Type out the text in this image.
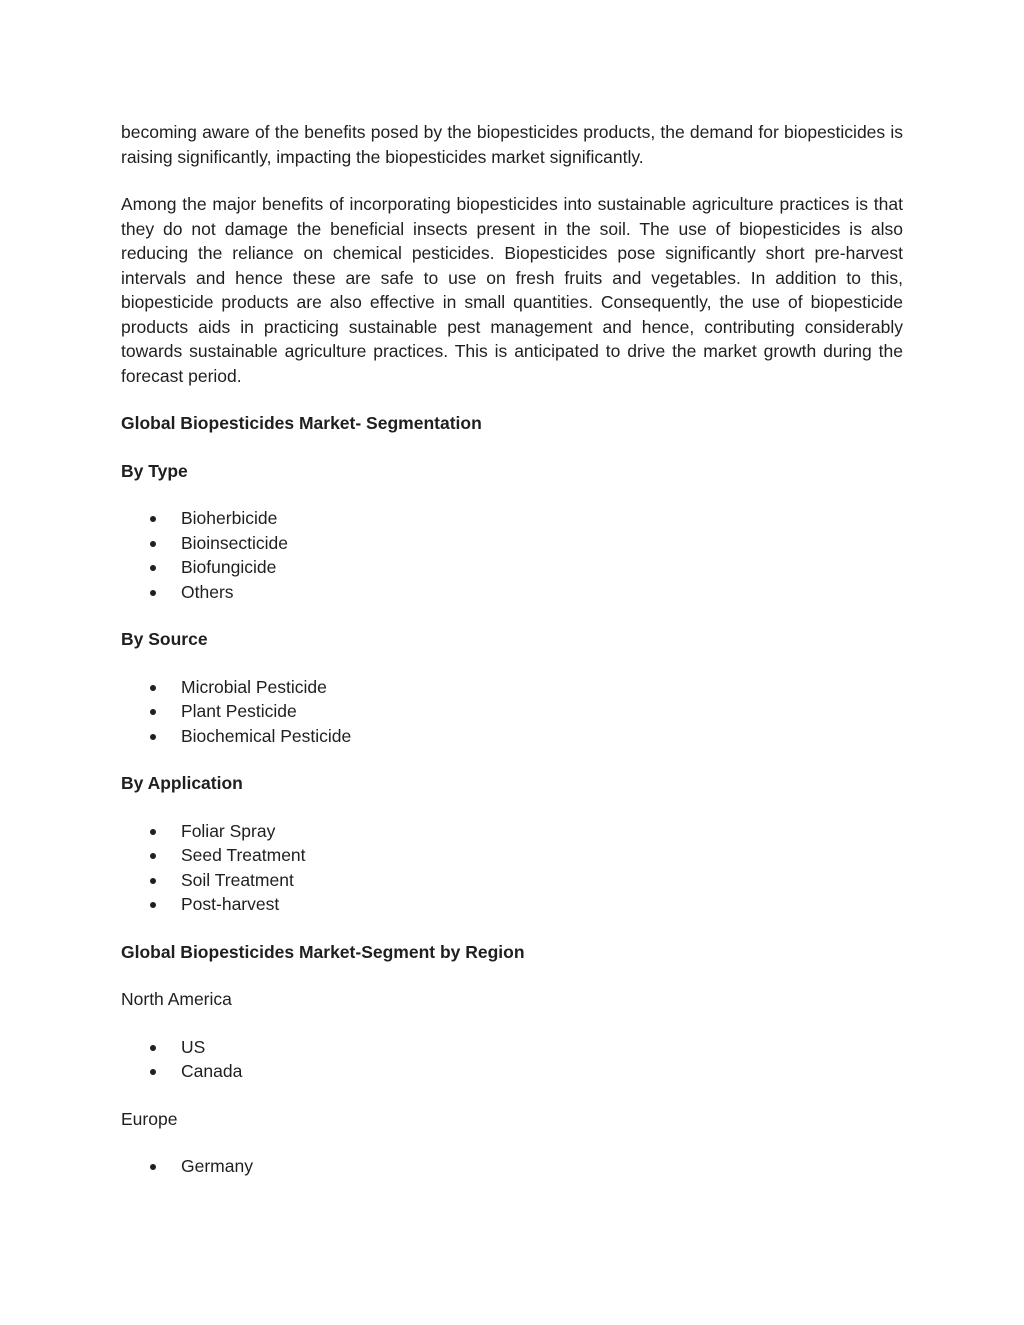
becoming aware of the benefits posed by the biopesticides products, the demand for biopesticides is raising significantly, impacting the biopesticides market significantly.

Among the major benefits of incorporating biopesticides into sustainable agriculture practices is that they do not damage the beneficial insects present in the soil. The use of biopesticides is also reducing the reliance on chemical pesticides. Biopesticides pose significantly short pre-harvest intervals and hence these are safe to use on fresh fruits and vegetables. In addition to this, biopesticide products are also effective in small quantities. Consequently, the use of biopesticide products aids in practicing sustainable pest management and hence, contributing considerably towards sustainable agriculture practices. This is anticipated to drive the market growth during the forecast period.

Global Biopesticides Market- Segmentation

By Type

Bioherbicide
Bioinsecticide
Biofungicide
Others

By Source

Microbial Pesticide
Plant Pesticide
Biochemical Pesticide

By Application

Foliar Spray
Seed Treatment
Soil Treatment
Post-harvest

Global Biopesticides Market-Segment by Region

North America

US
Canada

Europe

Germany
